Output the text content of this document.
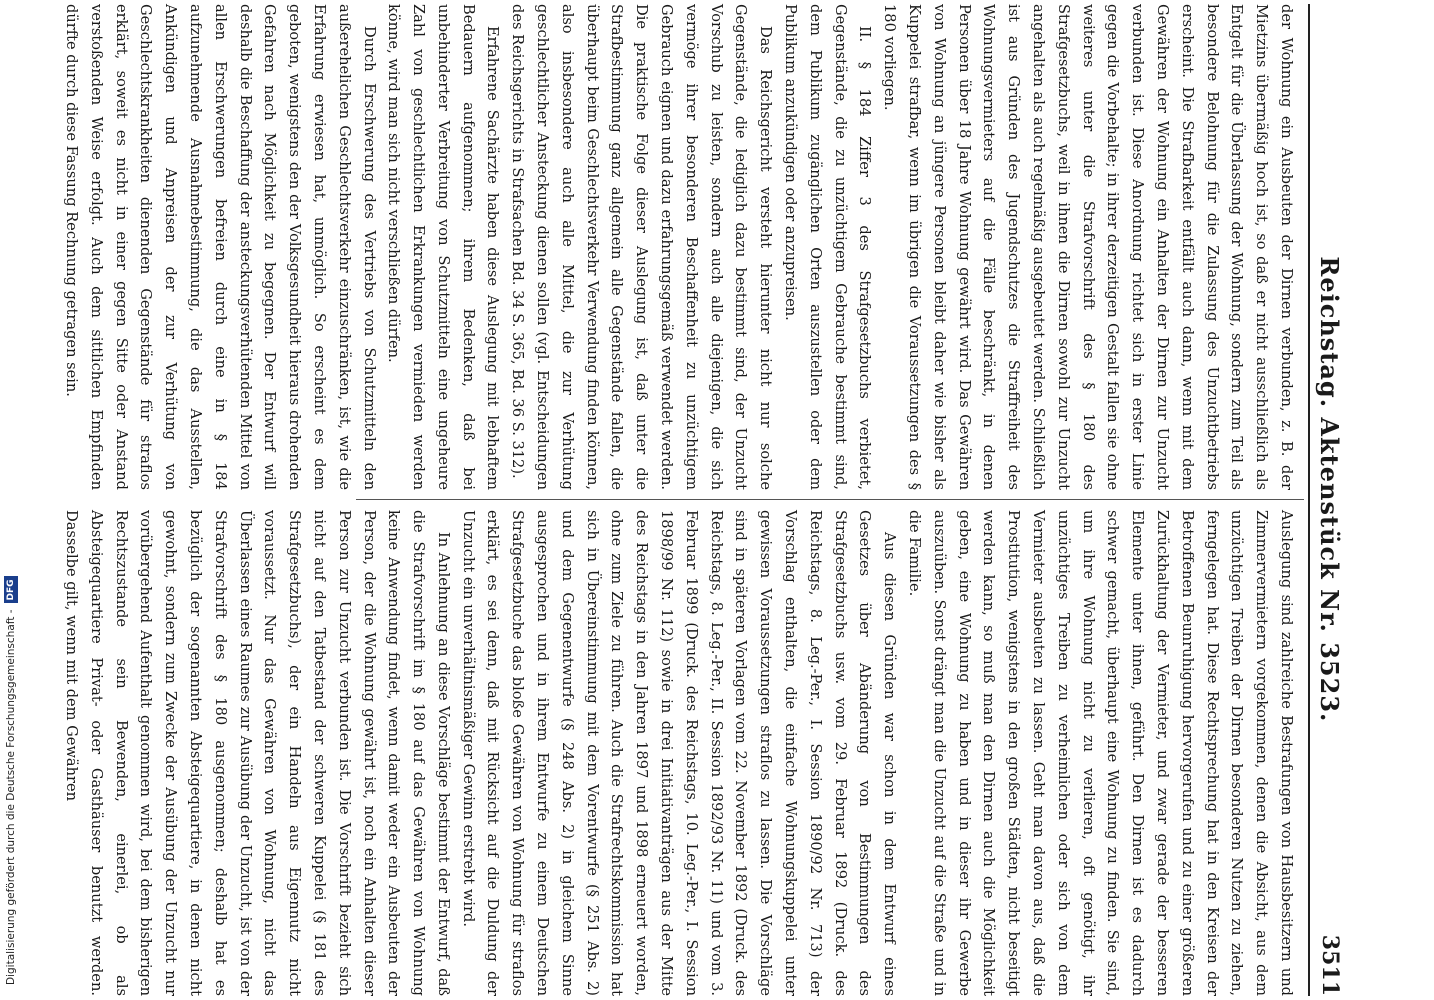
Reichstag. Aktenstück Nr. 3523.
3511

der Wohnung ein Ausbeuten der Dirnen verbunden, z. B. der Mietzins übermäßig hoch ist, so daß er nicht ausschließlich als Entgelt für die Überlassung der Wohnung, sondern zum Teil als besondere Belohnung für die Zulassung des Unzuchtbetriebs erscheint. Die Strafbarkeit entfällt auch dann, wenn mit dem Gewähren der Wohnung ein Anhalten der Dirnen zur Unzucht verbunden ist. Diese Anordnung richtet sich in erster Linie gegen die Vorbehalte; in ihrer derzeitigen Gestalt fallen sie ohne weiteres unter die Strafvorschrift des § 180 des Strafgesetzbuchs, weil in ihnen die Dirnen sowohl zur Unzucht angehalten als auch regelmäßig ausgebeutet werden. Schließlich ist aus Gründen des Jugendschutzes die Straffreiheit des Wohnungsvermieters auf die Fälle beschränkt, in denen Personen über 18 Jahre Wohnung gewährt wird. Das Gewähren von Wohnung an jüngere Personen bleibt daher wie bisher als Kuppelei strafbar, wenn im übrigen die Voraussetzungen des § 180 vorliegen.

II. § 184 Ziffer 3 des Strafgesetzbuchs verbietet, Gegenstände, die zu unzüchtigem Gebrauche bestimmt sind, dem Publikum zugänglichen Orten auszustellen oder dem Publikum anzukündigen oder anzupreisen.

Das Reichsgericht versteht hierunter nicht nur solche Gegenstände, die lediglich dazu bestimmt sind, der Unzucht Vorschub zu leisten, sondern auch alle diejenigen, die sich vermöge ihrer besonderen Beschaffenheit zu unzüchtigem Gebrauch eignen und dazu erfahrungsgemäß verwendet werden. Die praktische Folge dieser Auslegung ist, daß unter die Strafbestimmung ganz allgemein alle Gegenstände fallen, die überhaupt beim Geschlechtsverkehr Verwendung finden können, also insbesondere auch alle Mittel, die zur Verhütung geschlechtlicher Ansteckung dienen sollen (vgl. Entscheidungen des Reichsgerichts in Strafsachen Bd. 34 S. 365, Bd. 36 S. 312).

Erfahrene Sachärzte haben diese Auslegung mit lebhaftem Bedauern aufgenommen; ihrem Bedenken, daß bei unbehinderter Verbreitung von Schutzmitteln eine ungeheure Zahl von geschlechtlichen Erkrankungen vermieden werden könne, wird man sich nicht verschließen dürfen.

Durch Erschwerung des Vertriebs von Schutzmitteln den außerehelichen Geschlechtsverkehr einzuschränken, ist, wie die Erfahrung erwiesen hat, unmöglich. So erscheint es dem geboten, wenigstens den der Volksgesundheit hieraus drohenden Gefahren nach Möglichkeit zu begegnen. Der Entwurf will deshalb die Beschaffung der ansteckungsverhütenden Mittel von allen Erschwerungen befreien durch eine in § 184 aufzunehmende Ausnahmebestimmung, die das Ausstellen, Ankündigen und Anpreisen der zur Verhütung von Geschlechtskrankheiten dienenden Gegenstände für straflos erklärt, soweit es nicht in einer gegen Sitte oder Anstand verstoßenden Weise erfolgt. Auch dem sittlichen Empfinden dürfte durch diese Fassung Rechnung getragen sein.

Auslegung sind zahlreiche Bestrafungen von Hausbesitzern und Zimmervermietern vorgekommen, denen die Absicht, aus dem unzüchtigen Treiben der Dirnen besonderen Nutzen zu ziehen, ferngelegen hat. Diese Rechtsprechung hat in den Kreisen der Betroffenen Beunruhigung hervorgerufen und zu einer größeren Zurückhaltung der Vermieter, und zwar gerade der besseren Elemente unter ihnen, geführt. Den Dirnen ist es dadurch schwer gemacht, überhaupt eine Wohnung zu finden. Sie sind, um ihre Wohnung nicht zu verlieren, oft genötigt, ihr unzüchtiges Treiben zu verheimlichen oder sich von dem Vermieter ausbeuten zu lassen. Geht man davon aus, daß die Prostitution, wenigstens in den großen Städten, nicht beseitigt werden kann, so muß man den Dirnen auch die Möglichkeit geben, eine Wohnung zu haben und in dieser ihr Gewerbe auszuüben. Sonst drängt man die Unzucht auf die Straße und in die Familie.

Aus diesen Gründen war schon in dem Entwurf eines Gesetzes über Abänderung von Bestimmungen des Strafgesetzbuchs usw. vom 29. Februar 1892 (Druck. des Reichstags, 8. Leg.-Per., I. Session 1890/92 Nr. 713) der Vorschlag enthalten, die einfache Wohnungskuppelei unter gewissen Voraussetzungen straflos zu lassen. Die Vorschläge sind in späteren Vorlagen vom 22. November 1892 (Druck. des Reichstags, 8. Leg.-Per., II. Session 1892/93 Nr. 11) und vom 3. Februar 1899 (Druck. des Reichstags, 10. Leg.-Per., I. Session 1898/99 Nr. 112) sowie in drei Initiativanträgen aus der Mitte des Reichstags in den Jahren 1897 und 1898 erneuert worden, ohne zum Ziele zu führen. Auch die Strafrechtskommission hat sich in Übereinstimmung mit dem Vorentwurfe (§ 251 Abs. 2) und dem Gegenentwurfe (§ 248 Abs. 2) in gleichem Sinne ausgesprochen und in ihrem Entwurfe zu einem Deutschen Strafgesetzbuche das bloße Gewähren von Wohnung für straflos erklärt, es sei denn, daß mit Rücksicht auf die Duldung der Unzucht ein unverhältnismäßiger Gewinn erstrebt wird.

In Anlehnung an diese Vorschläge bestimmt der Entwurf, daß die Strafvorschrift im § 180 auf das Gewähren von Wohnung keine Anwendung findet, wenn damit weder ein Ausbeuten der Person, der die Wohnung gewährt ist, noch ein Anhalten dieser Person zur Unzucht verbunden ist. Die Vorschrift bezieht sich nicht auf den Tatbestand der schweren Kuppelei (§ 181 des Strafgesetzbuchs), der ein Handeln aus Eigennutz nicht voraussetzt. Nur das Gewähren von Wohnung, nicht das Überlassen eines Raumes zur Ausübung der Unzucht, ist von der Strafvorschrift des § 180 ausgenommen; deshalb hat es bezüglich der sogenannten Absteigequartiere, in denen nicht gewohnt, sondern zum Zwecke der Ausübung der Unzucht nur vorübergehend Aufenthalt genommen wird, bei dem bisherigen Rechtszustande sein Bewenden, einerlei, ob als Absteigequartiere Privat- oder Gasthäuser benutzt werden. Dasselbe gilt, wenn mit dem Gewähren

Digitalisierung gefördert durch die Deutsche Forschungsgemeinschaft -
DFG
